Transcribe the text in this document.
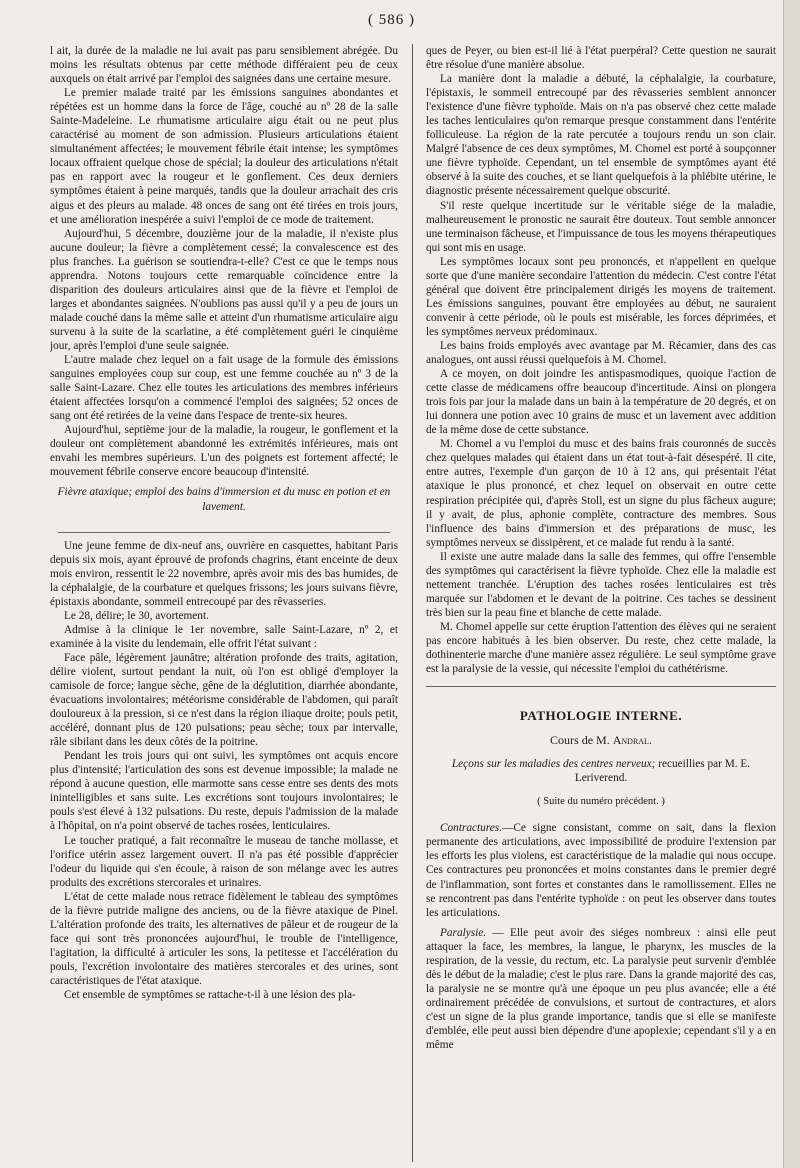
( 586 )

l ait, la durée de la maladie ne lui avait pas paru sensiblement abrégée. Du moins les résultats obtenus par cette méthode différaient peu de ceux auxquels on était arrivé par l'emploi des saignées dans une certaine mesure.

Le premier malade traité par les émissions sanguines abondantes et répétées est un homme dans la force de l'âge, couché au nº 28 de la salle Sainte-Madeleine. Le rhumatisme articulaire aigu était ou ne peut plus caractérisé au moment de son admission. Plusieurs articulations étaient simultanément affectées; le mouvement fébrile était intense; les symptômes locaux offraient quelque chose de spécial; la douleur des articulations n'était pas en rapport avec la rougeur et le gonflement. Ces deux derniers symptômes étaient à peine marqués, tandis que la douleur arrachait des cris aigus et des pleurs au malade. 48 onces de sang ont été tirées en trois jours, et une amélioration inespérée a suivi l'emploi de ce mode de traitement.

Aujourd'hui, 5 décembre, douzième jour de la maladie, il n'existe plus aucune douleur; la fièvre a complètement cessé; la convalescence est des plus franches. La guérison se soutiendra-t-elle? C'est ce que le temps nous apprendra. Notons toujours cette remarquable coïncidence entre la disparition des douleurs articulaires ainsi que de la fièvre et l'emploi de larges et abondantes saignées. N'oublions pas aussi qu'il y a peu de jours un malade couché dans la même salle et atteint d'un rhumatisme articulaire aigu survenu à la suite de la scarlatine, a été complètement guéri le cinquième jour, après l'emploi d'une seule saignée.

L'autre malade chez lequel on a fait usage de la formule des émissions sanguines employées coup sur coup, est une femme couchée au nº 3 de la salle Saint-Lazare. Chez elle toutes les articulations des membres inférieurs étaient affectées lorsqu'on a commencé l'emploi des saignées; 52 onces de sang ont été retirées de la veine dans l'espace de trente-six heures.

Aujourd'hui, septième jour de la maladie, la rougeur, le gonflement et la douleur ont complètement abandonné les extrémités inférieures, mais ont envahi les membres supérieurs. L'un des poignets est fortement affecté; le mouvement fébrile conserve encore beaucoup d'intensité.

Fièvre ataxique; emploi des bains d'immersion et du musc en potion et en lavement.

Une jeune femme de dix-neuf ans, ouvrière en casquettes, habitant Paris depuis six mois, ayant éprouvé de profonds chagrins, étant enceinte de deux mois environ, ressentit le 22 novembre, après avoir mis des bas humides, de la céphalalgie, de la courbature et quelques frissons; les jours suivans fièvre, épistaxis abondante, sommeil entrecoupé par des rêvasseries.

Le 28, délire; le 30, avortement.

Admise à la clinique le 1er novembre, salle Saint-Lazare, nº 2, et examinée à la visite du lendemain, elle offrit l'état suivant :

Face pâle, légèrement jaunâtre; altération profonde des traits, agitation, délire violent, surtout pendant la nuit, où l'on est obligé d'employer la camisole de force; langue sèche, gêne de la déglutition, diarrhée abondante, évacuations involontaires; météorisme considérable de l'abdomen, qui paraît douloureux à la pression, si ce n'est dans la région iliaque droite; pouls petit, accéléré, donnant plus de 120 pulsations; peau sèche; toux par intervalle, râle sibilant dans les deux côtés de la poitrine.

Pendant les trois jours qui ont suivi, les symptômes ont acquis encore plus d'intensité; l'articulation des sons est devenue impossible; la malade ne répond à aucune question, elle marmotte sans cesse entre ses dents des mots inintelligibles et sans suite. Les excrétions sont toujours involontaires; le pouls s'est élevé à 132 pulsations. Du reste, depuis l'admission de la malade à l'hôpital, on n'a point observé de taches rosées, lenticulaires.

Le toucher pratiqué, a fait reconnaître le museau de tanche mollasse, et l'orifice utérin assez largement ouvert. Il n'a pas été possible d'apprécier l'odeur du liquide qui s'en écoule, à raison de son mélange avec les autres produits des excrétions stercorales et urinaires.

L'état de cette malade nous retrace fidèlement le tableau des symptômes de la fièvre putride maligne des anciens, ou de la fièvre ataxique de Pinel. L'altération profonde des traits, les alternatives de pâleur et de rougeur de la face qui sont très prononcées aujourd'hui, le trouble de l'intelligence, l'agitation, la difficulté à articuler les sons, la petitesse et l'accélération du pouls, l'excrétion involontaire des matières stercorales et des urines, sont caractéristiques de l'état ataxique.

Cet ensemble de symptômes se rattache-t-il à une lésion des pla-

ques de Peyer, ou bien est-il lié à l'état puerpéral? Cette question ne saurait être résolue d'une manière absolue.

La manière dont la maladie a débuté, la céphalalgie, la courbature, l'épistaxis, le sommeil entrecoupé par des rêvasseries semblent annoncer l'existence d'une fièvre typhoïde. Mais on n'a pas observé chez cette malade les taches lenticulaires qu'on remarque presque constamment dans l'entérite folliculeuse. La région de la rate percutée a toujours rendu un son clair. Malgré l'absence de ces deux symptômes, M. Chomel est porté à soupçonner une fièvre typhoïde. Cependant, un tel ensemble de symptômes ayant été observé à la suite des couches, et se liant quelquefois à la phlébite utérine, le diagnostic présente nécessairement quelque obscurité.

S'il reste quelque incertitude sur le véritable siége de la maladie, malheureusement le pronostic ne saurait être douteux. Tout semble annoncer une terminaison fâcheuse, et l'impuissance de tous les moyens thérapeutiques qui sont mis en usage.

Les symptômes locaux sont peu prononcés, et n'appellent en quelque sorte que d'une manière secondaire l'attention du médecin. C'est contre l'état général que doivent être principalement dirigés les moyens de traitement. Les émissions sanguines, pouvant être employées au début, ne sauraient convenir à cette période, où le pouls est misérable, les forces déprimées, et les symptômes nerveux prédominaux.

Les bains froids employés avec avantage par M. Récamier, dans des cas analogues, ont aussi réussi quelquefois à M. Chomel.

A ce moyen, on doit joindre les antispasmodiques, quoique l'action de cette classe de médicamens offre beaucoup d'incertitude. Ainsi on plongera trois fois par jour la malade dans un bain à la température de 20 degrés, et on lui donnera une potion avec 10 grains de musc et un lavement avec addition de la même dose de cette substance.

M. Chomel a vu l'emploi du musc et des bains frais couronnés de succès chez quelques malades qui étaient dans un état tout-à-fait désespéré. Il cite, entre autres, l'exemple d'un garçon de 10 à 12 ans, qui présentait l'état ataxique le plus prononcé, et chez lequel on observait en outre cette respiration précipitée qui, d'après Stoll, est un signe du plus fâcheux augure; il y avait, de plus, aphonie complète, contracture des membres. Sous l'influence des bains d'immersion et des préparations de musc, les symptômes nerveux se dissipèrent, et ce malade fut rendu à la santé.

Il existe une autre malade dans la salle des femmes, qui offre l'ensemble des symptômes qui caractérisent la fièvre typhoïde. Chez elle la maladie est nettement tranchée. L'éruption des taches rosées lenticulaires est très marquée sur l'abdomen et le devant de la poitrine. Ces taches se dessinent très bien sur la peau fine et blanche de cette malade.

M. Chomel appelle sur cette éruption l'attention des élèves qui ne seraient pas encore habitués à les bien observer. Du reste, chez cette malade, la dothinenterie marche d'une manière assez régulière. Le seul symptôme grave est la paralysie de la vessie, qui nécessite l'emploi du cathétérisme.

PATHOLOGIE INTERNE.

Cours de M. Andral.

Leçons sur les maladies des centres nerveux; recueillies par M. E. Leriverend.

( Suite du numéro précédent. )

Contractures.—Ce signe consistant, comme on sait, dans la flexion permanente des articulations, avec impossibilité de produire l'extension par les efforts les plus violens, est caractéristique de la maladie qui nous occupe. Ces contractures peu prononcées et moins constantes dans le premier degré de l'inflammation, sont fortes et constantes dans le ramollissement. Elles ne se rencontrent pas dans l'entérite typhoïde : on peut les observer dans toutes les articulations.

Paralysie. — Elle peut avoir des siéges nombreux : ainsi elle peut attaquer la face, les membres, la langue, le pharynx, les muscles de la respiration, de la vessie, du rectum, etc. La paralysie peut survenir d'emblée dès le début de la maladie; c'est le plus rare. Dans la grande majorité des cas, la paralysie ne se montre qu'à une époque un peu plus avancée; elle a été ordinairement précédée de convulsions, et surtout de contractures, et alors c'est un signe de la plus grande importance, tandis que si elle se manifeste d'emblée, elle peut aussi bien dépendre d'une apoplexie; cependant s'il y a en même
